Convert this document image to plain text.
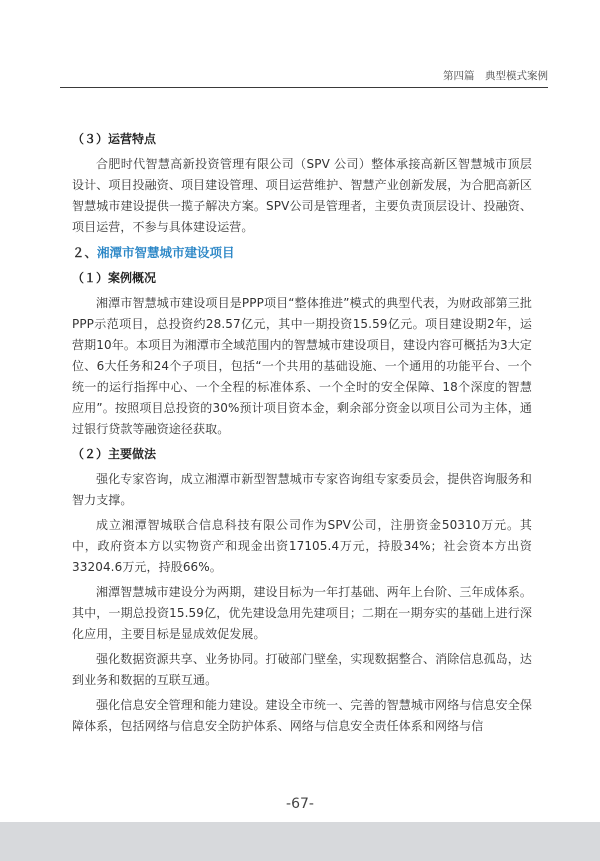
第四篇　典型模式案例
（３）运营特点

合肥时代智慧高新投资管理有限公司（SPV 公司）整体承接高新区智慧城市顶层设计、项目投融资、项目建设管理、项目运营维护、智慧产业创新发展，为合肥高新区智慧城市建设提供一揽子解决方案。SPV公司是管理者，主要负责顶层设计、投融资、项目运营，不参与具体建设运营。

２、湘潭市智慧城市建设项目
（１）案例概况

湘潭市智慧城市建设项目是PPP项目“整体推进”模式的典型代表，为财政部第三批PPP示范项目，总投资约28.57亿元，其中一期投资15.59亿元。项目建设期2年，运营期10年。本项目为湘潭市全域范围内的智慧城市建设项目，建设内容可概括为3大定位、6大任务和24个子项目，包括“一个共用的基础设施、一个通用的功能平台、一个统一的运行指挥中心、一个全程的标准体系、一个全时的安全保障、18个深度的智慧应用”。按照项目总投资的30%预计项目资本金，剩余部分资金以项目公司为主体，通过银行贷款等融资途径获取。

（２）主要做法

强化专家咨询，成立湘潭市新型智慧城市专家咨询组专家委员会，提供咨询服务和智力支撑。

成立湘潭智城联合信息科技有限公司作为SPV公司，注册资金50310万元。其中，政府资本方以实物资产和现金出资17105.4万元，持股34%；社会资本方出资33204.6万元，持股66%。

湘潭智慧城市建设分为两期，建设目标为一年打基础、两年上台阶、三年成体系。其中，一期总投资15.59亿，优先建设急用先建项目；二期在一期夯实的基础上进行深化应用，主要目标是显成效促发展。

强化数据资源共享、业务协同。打破部门壁垒，实现数据整合、消除信息孤岛，达到业务和数据的互联互通。

强化信息安全管理和能力建设。建设全市统一、完善的智慧城市网络与信息安全保障体系，包括网络与信息安全防护体系、网络与信息安全责任体系和网络与信

-67-
